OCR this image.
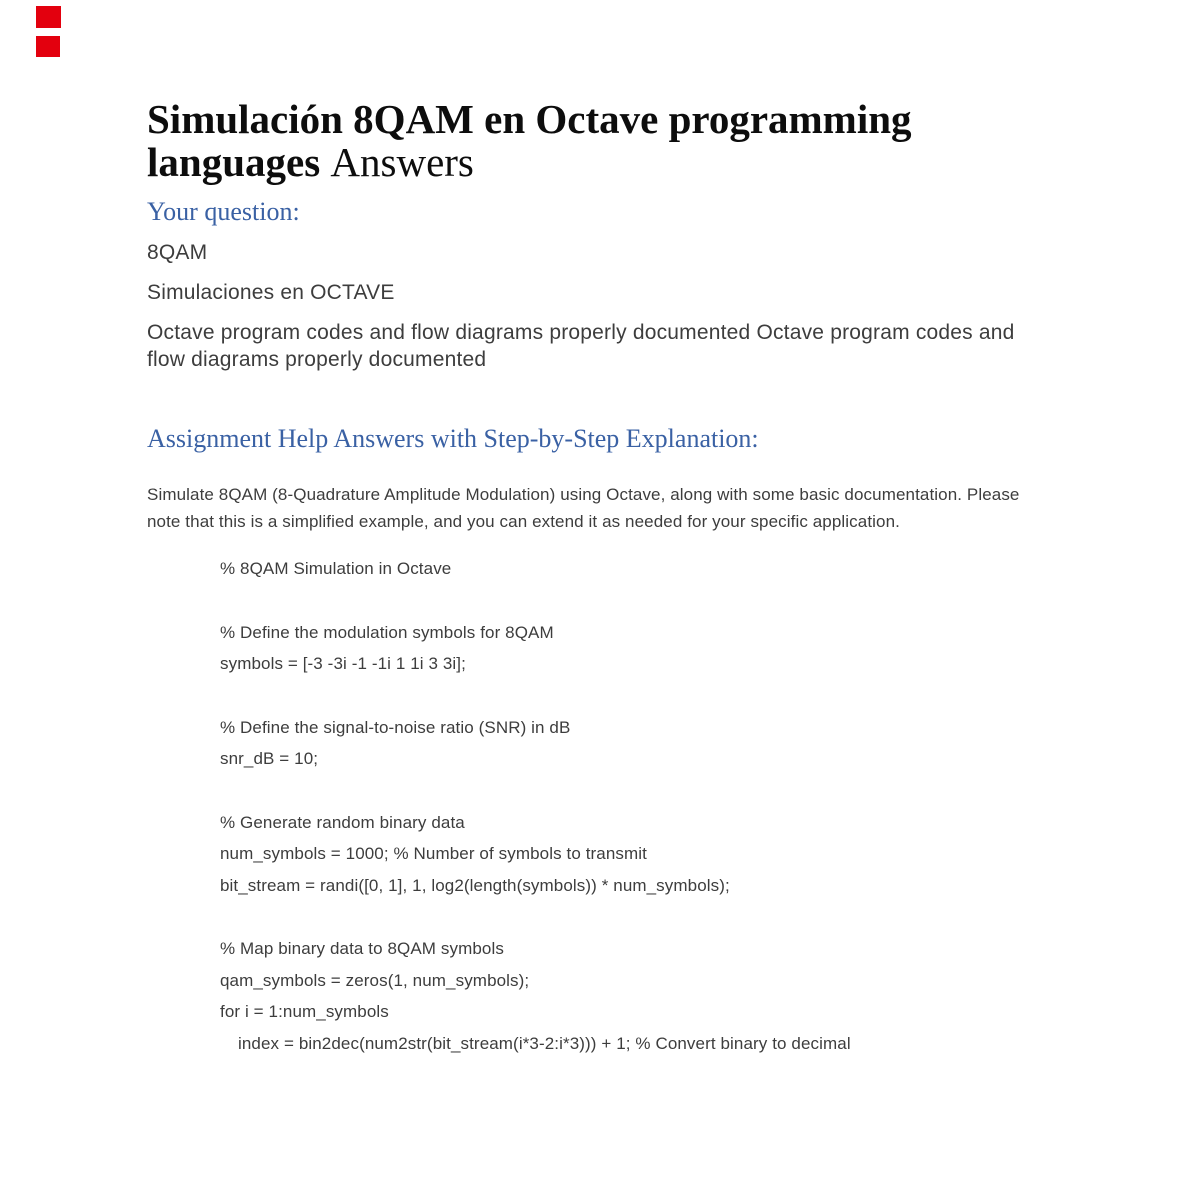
Simulación 8QAM en Octave programming languages Answers
Your question:

8QAM

Simulaciones en OCTAVE

Octave program codes and flow diagrams properly documented Octave program codes and flow diagrams properly documented

Assignment Help Answers with Step-by-Step Explanation:

Simulate 8QAM (8-Quadrature Amplitude Modulation) using Octave, along with some basic documentation. Please note that this is a simplified example, and you can extend it as needed for your specific application.

% 8QAM Simulation in Octave

% Define the modulation symbols for 8QAM

symbols = [-3 -3i -1 -1i 1 1i 3 3i];

% Define the signal-to-noise ratio (SNR) in dB

snr_dB = 10;

% Generate random binary data

num_symbols = 1000; % Number of symbols to transmit

bit_stream = randi([0, 1], 1, log2(length(symbols)) * num_symbols);

% Map binary data to 8QAM symbols

qam_symbols = zeros(1, num_symbols);

for i = 1:num_symbols

index = bin2dec(num2str(bit_stream(i*3-2:i*3))) + 1; % Convert binary to decimal
